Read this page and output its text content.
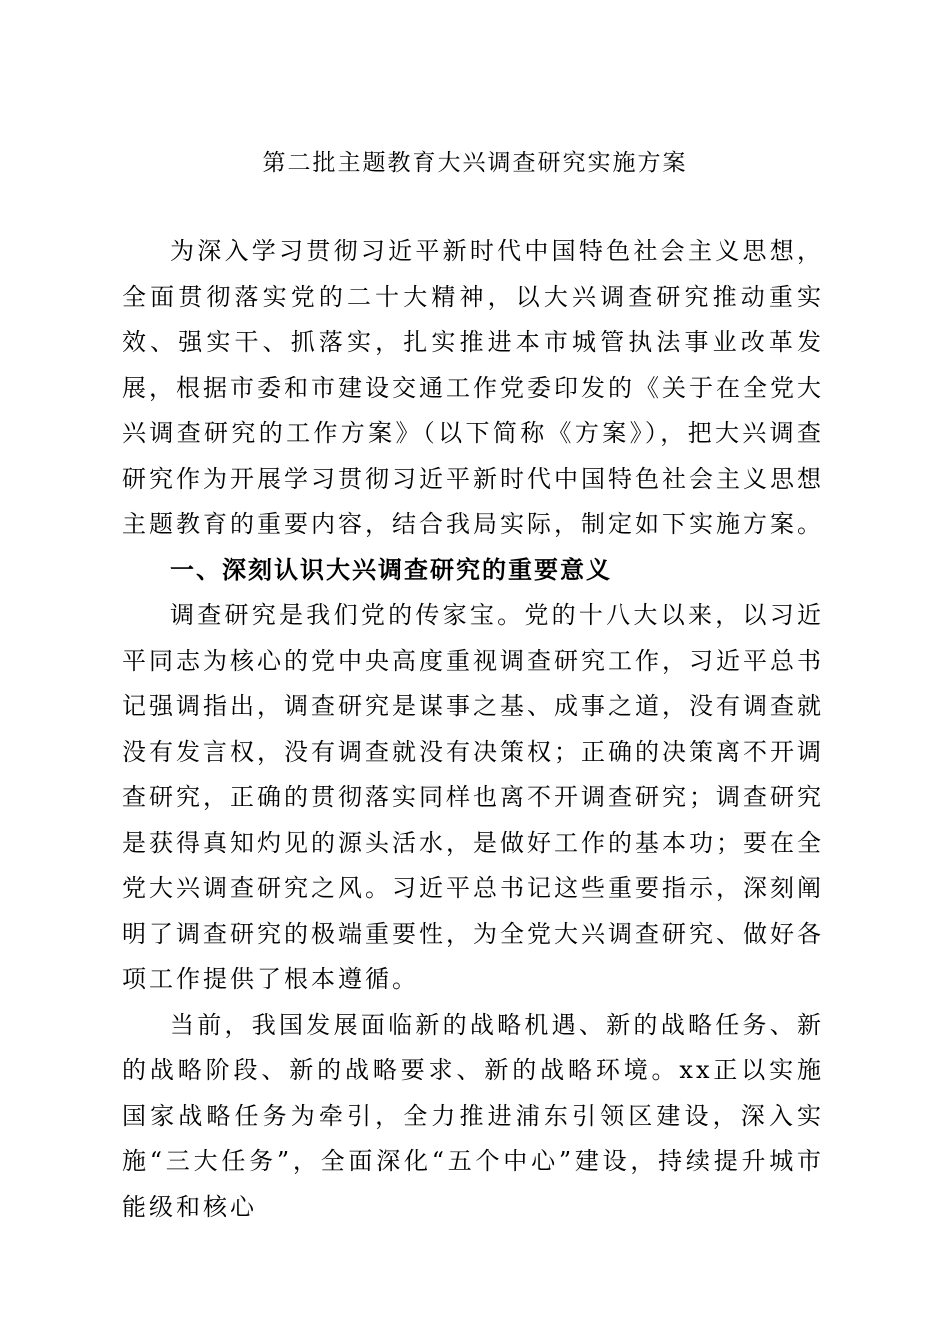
第二批主题教育大兴调查研究实施方案

为深入学习贯彻习近平新时代中国特色社会主义思想，全面贯彻落实党的二十大精神，以大兴调查研究推动重实效、强实干、抓落实，扎实推进本市城管执法事业改革发展，根据市委和市建设交通工作党委印发的《关于在全党大兴调查研究的工作方案》（以下简称《方案》），把大兴调查研究作为开展学习贯彻习近平新时代中国特色社会主义思想主题教育的重要内容，结合我局实际，制定如下实施方案。

一、深刻认识大兴调查研究的重要意义

调查研究是我们党的传家宝。党的十八大以来，以习近平同志为核心的党中央高度重视调查研究工作，习近平总书记强调指出，调查研究是谋事之基、成事之道，没有调查就没有发言权，没有调查就没有决策权；正确的决策离不开调查研究，正确的贯彻落实同样也离不开调查研究；调查研究是获得真知灼见的源头活水，是做好工作的基本功；要在全党大兴调查研究之风。习近平总书记这些重要指示，深刻阐明了调查研究的极端重要性，为全党大兴调查研究、做好各项工作提供了根本遵循。

当前，我国发展面临新的战略机遇、新的战略任务、新的战略阶段、新的战略要求、新的战略环境。xx正以实施国家战略任务为牵引，全力推进浦东引领区建设，深入实施“三大任务”，全面深化“五个中心”建设，持续提升城市能级和核心
